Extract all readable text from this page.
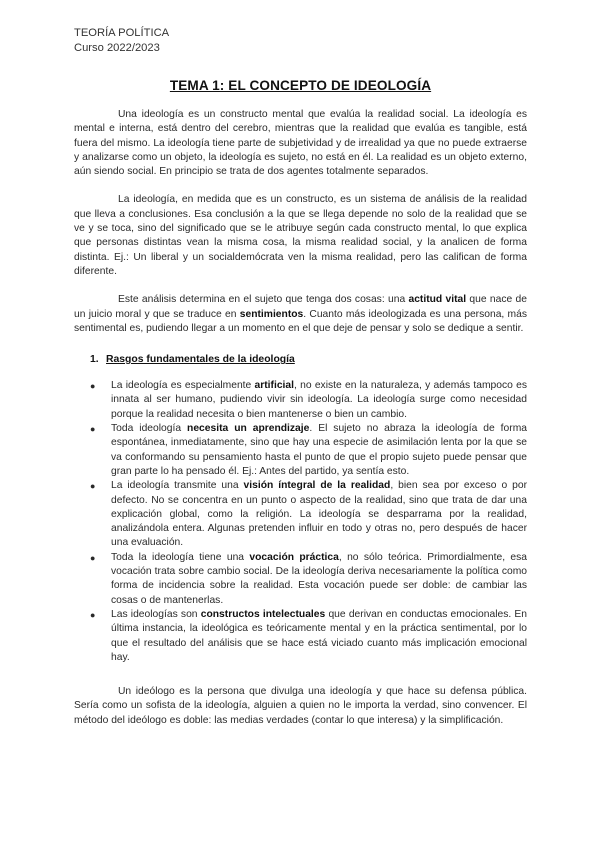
TEORÍA POLÍTICA
Curso 2022/2023
TEMA 1: EL CONCEPTO DE IDEOLOGÍA

Una ideología es un constructo mental que evalúa la realidad social. La ideología es mental e interna, está dentro del cerebro, mientras que la realidad que evalúa es tangible, está fuera del mismo. La ideología tiene parte de subjetividad y de irrealidad ya que no puede extraerse y analizarse como un objeto, la ideología es sujeto, no está en él. La realidad es un objeto externo, aún siendo social. En principio se trata de dos agentes totalmente separados.

La ideología, en medida que es un constructo, es un sistema de análisis de la realidad que lleva a conclusiones. Esa conclusión a la que se llega depende no solo de la realidad que se ve y se toca, sino del significado que se le atribuye según cada constructo mental, lo que explica que personas distintas vean la misma cosa, la misma realidad social, y la analicen de forma distinta. Ej.: Un liberal y un socialdemócrata ven la misma realidad, pero las califican de forma diferente.

Este análisis determina en el sujeto que tenga dos cosas: una actitud vital que nace de un juicio moral y que se traduce en sentimientos. Cuanto más ideologizada es una persona, más sentimental es, pudiendo llegar a un momento en el que deje de pensar y solo se dedique a sentir.

1. Rasgos fundamentales de la ideología
● La ideología es especialmente artificial, no existe en la naturaleza, y además tampoco es innata al ser humano, pudiendo vivir sin ideología. La ideología surge como necesidad porque la realidad necesita o bien mantenerse o bien un cambio.
● Toda ideología necesita un aprendizaje. El sujeto no abraza la ideología de forma espontánea, inmediatamente, sino que hay una especie de asimilación lenta por la que se va conformando su pensamiento hasta el punto de que el propio sujeto puede pensar que gran parte lo ha pensado él. Ej.: Antes del partido, ya sentía esto.
● La ideología transmite una visión íntegral de la realidad, bien sea por exceso o por defecto. No se concentra en un punto o aspecto de la realidad, sino que trata de dar una explicación global, como la religión. La ideología se desparrama por la realidad, analizándola entera. Algunas pretenden influir en todo y otras no, pero después de hacer una evaluación.
● Toda la ideología tiene una vocación práctica, no sólo teórica. Primordialmente, esa vocación trata sobre cambio social. De la ideología deriva necesariamente la política como forma de incidencia sobre la realidad. Esta vocación puede ser doble: de cambiar las cosas o de mantenerlas.
● Las ideologías son constructos intelectuales que derivan en conductas emocionales. En última instancia, la ideológica es teóricamente mental y en la práctica sentimental, por lo que el resultado del análisis que se hace está viciado cuanto más implicación emocional hay.

Un ideólogo es la persona que divulga una ideología y que hace su defensa pública. Sería como un sofista de la ideología, alguien a quien no le importa la verdad, sino convencer. El método del ideólogo es doble: las medias verdades (contar lo que interesa) y la simplificación.
